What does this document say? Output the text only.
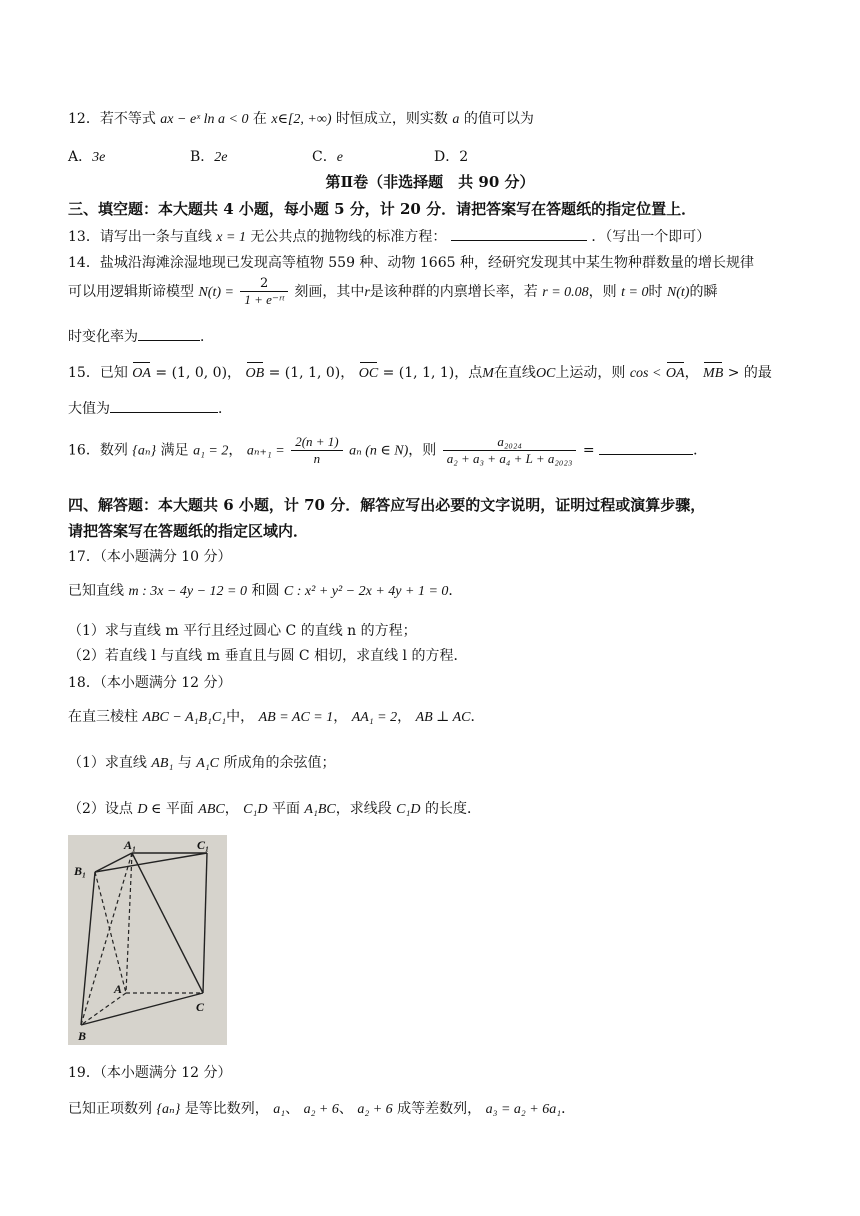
12．若不等式 ax − eˣ ln a < 0 在 x∈[2, +∞) 时恒成立，则实数 a 的值可以为
A．3e	B．2e	C．e	D．2
第Ⅱ卷（非选择题　共 90 分）
三、填空题：本大题共 4 小题，每小题 5 分，计 20 分．请把答案写在答题纸的指定位置上．
13．请写出一条与直线 x = 1 无公共点的抛物线的标准方程：	．（写出一个即可）
14．盐城沿海滩涂湿地现已发现高等植物 559 种、动物 1665 种，经研究发现其中某生物种群数量的增长规律
可以用逻辑斯谛模型 $N(t) = \frac{2}{\text{1 + e⁻ʳᵗ}}$ 刻画，其中r是该种群的内禀增长率，若 r = 0.08，则 t = 0时 N(t)的瞬
时变化率为	．
15．已知 OA = (1, 0, 0)， OB = (1, 1, 0)， OC = (1, 1, 1)，点M在直线OC上运动，则 cos < OA， MB > 的最
大值为	．
16．数列 {aₙ} 满足 a₁ = 2， $a_{n+1} = \frac{2(n + 1)}{n}$ aₙ (n ∈ N)，则 $\frac{\text{a₂₀₂₄}}{\text{a₂ + a₃ + a₄ + L + a₂₀₂₃}}$ =	．
四、解答题：本大题共 6 小题，计 70 分．解答应写出必要的文字说明，证明过程或演算步骤，
请把答案写在答题纸的指定区域内．
17．（本小题满分 10 分）
已知直线 m : 3x − 4y − 12 = 0 和圆 C : x² + y² − 2x + 4y + 1 = 0．
（1）求与直线 m 平行且经过圆心 C 的直线 n 的方程；
（2）若直线 l 与直线 m 垂直且与圆 C 相切，求直线 l 的方程．
18．（本小题满分 12 分）
在直三棱柱 ABC − A₁B₁C₁中， AB = AC = 1， AA₁ = 2， AB ⊥ AC．
（1）求直线 AB₁ 与 A₁C 所成角的余弦值；
（2）设点 D ∈ 平面 ABC， C₁D 平面 A₁BC，求线段 C₁D 的长度．
A₁	C₁
B₁
A
C
B
19．（本小题满分 12 分）
已知正项数列 {aₙ} 是等比数列， a₁、 a₂ + 6、 a₂ + 6 成等差数列， a₃ = a₂ + 6a₁．
